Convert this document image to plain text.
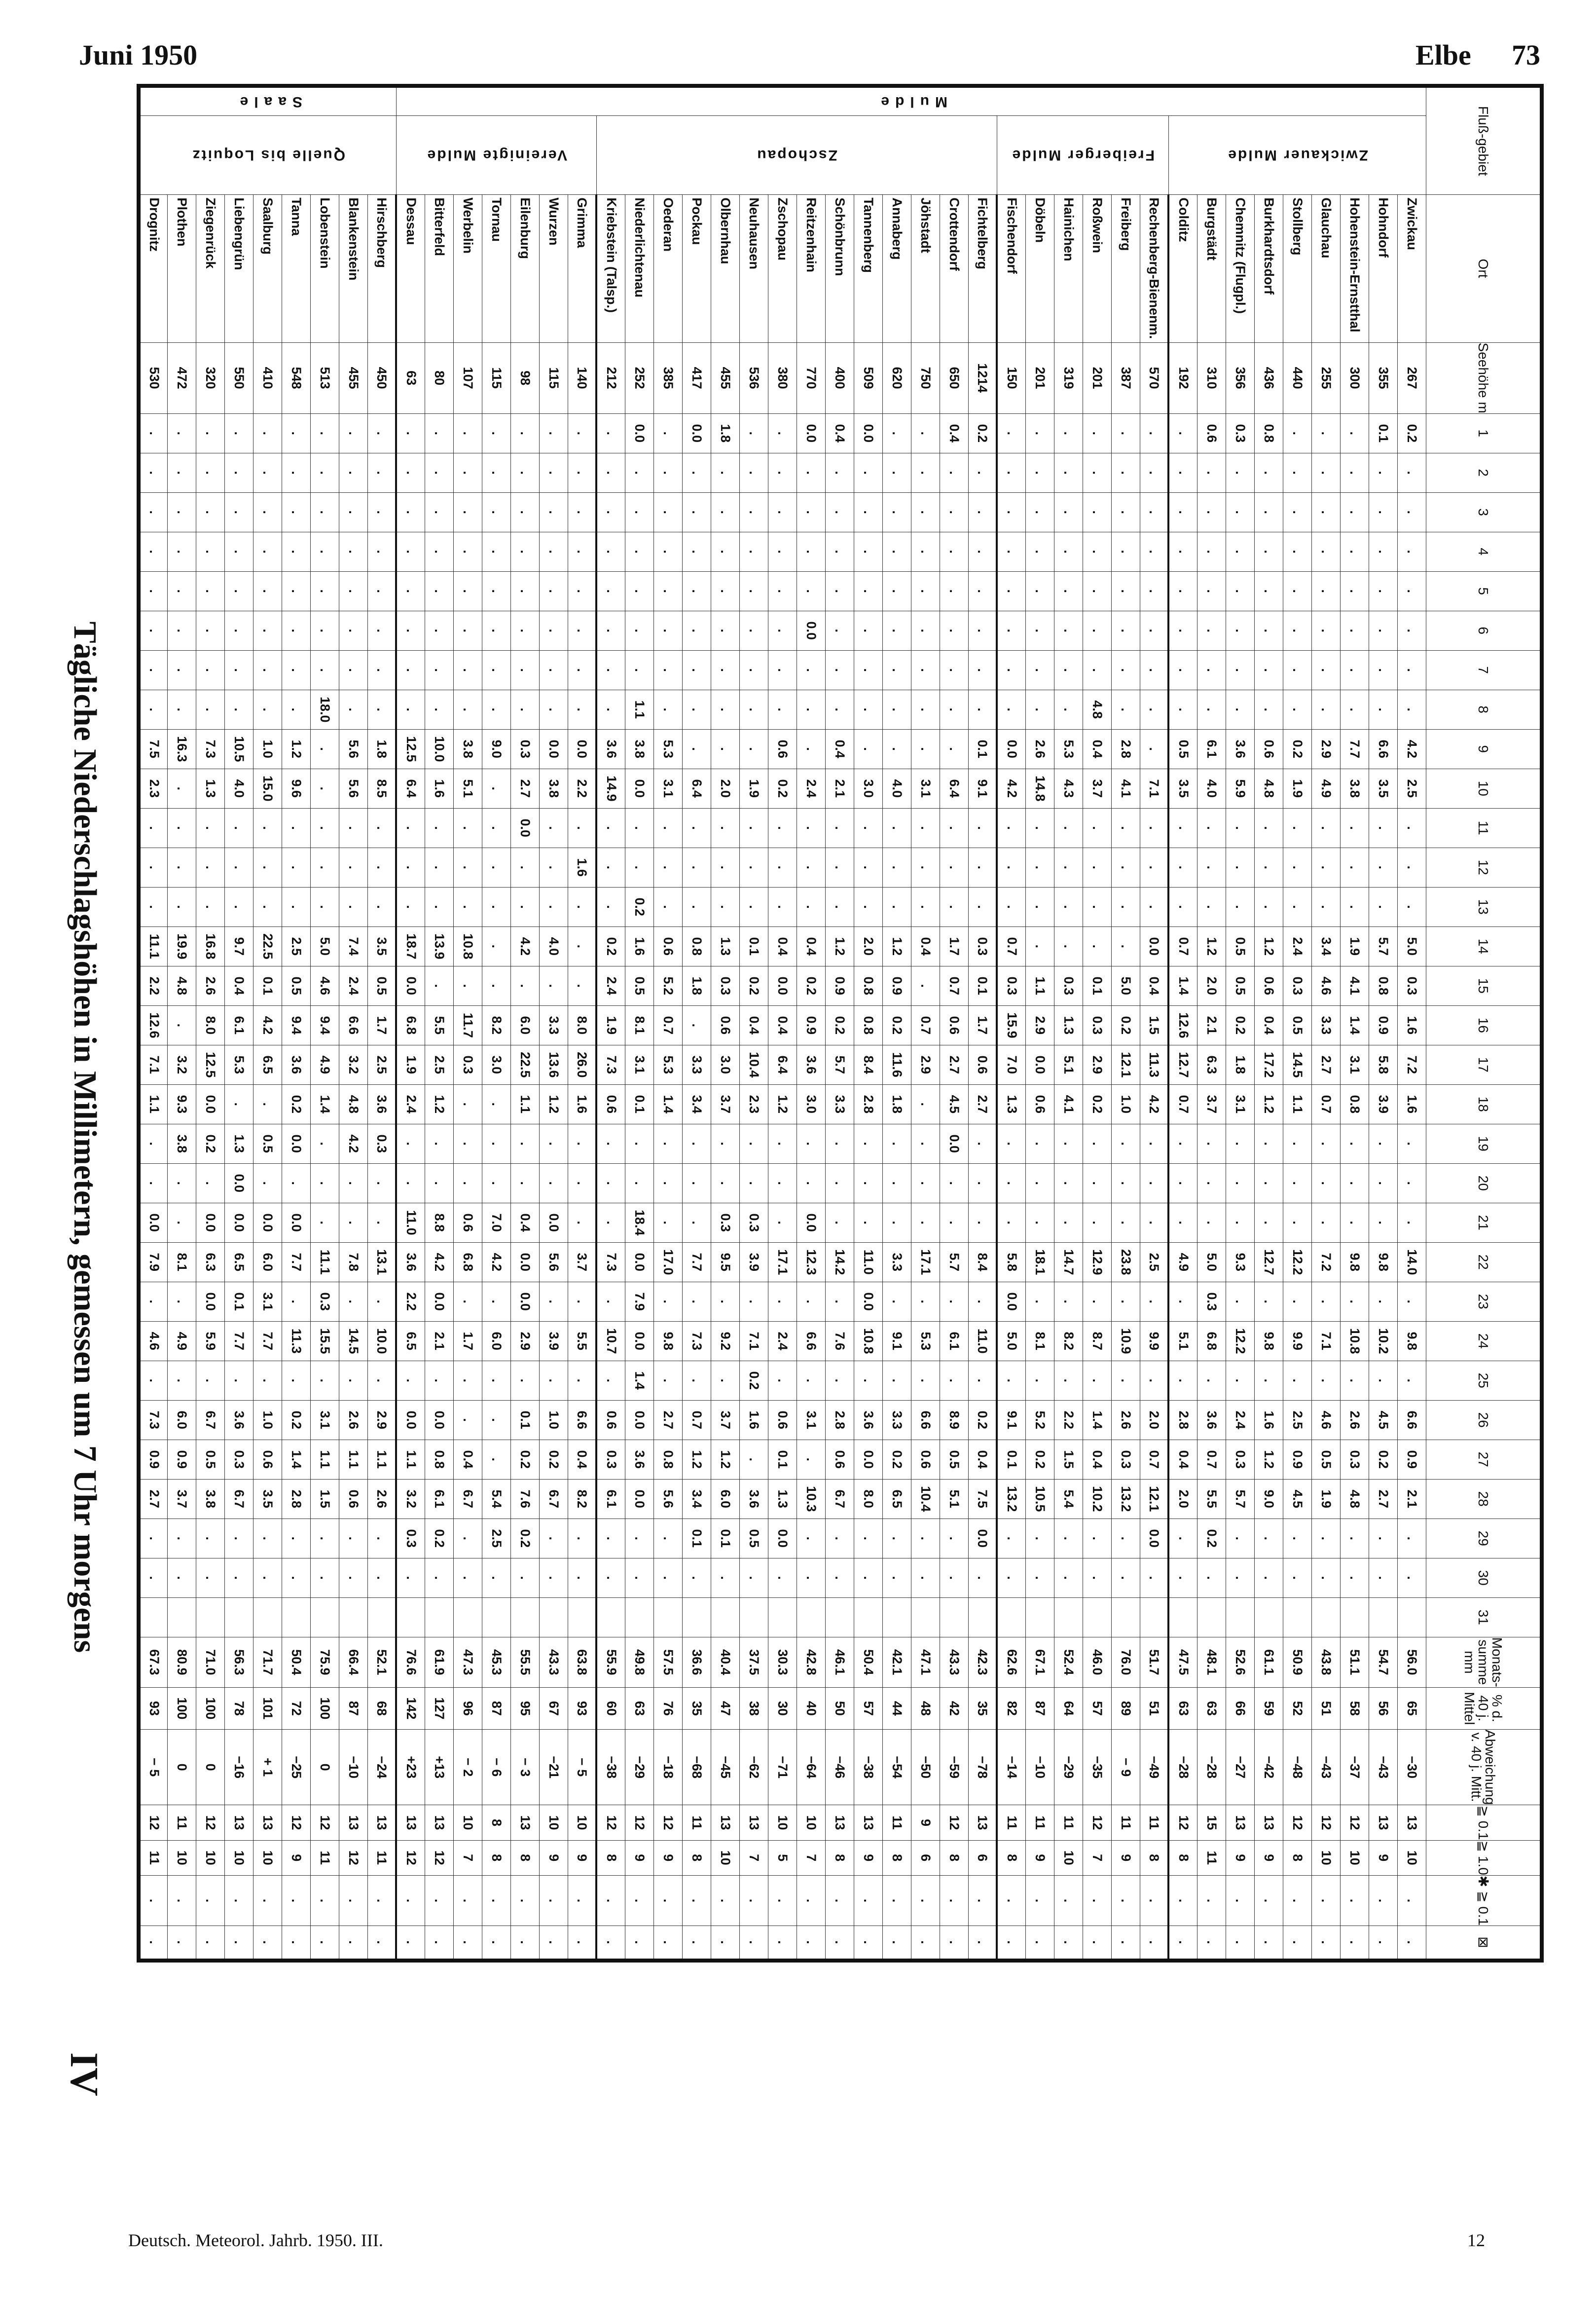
Juni 1950	Elbe 73
Fluß-gebiet		Ort	Seehöhe m	1	2	3	4	5	6	7	8	9	10	11	12	13	14	15	16	17	18	19	20	21	22	23	24	25	26	27	28	29	30	31	Monats-summe mm	% d. 40 j. Mittel	Abweichung v. 40 j. Mitt.	≧ 0.1	≧ 1.0	✱ ≧ 0.1	⊠
Mulde	Zwickauer Mulde	Zwickau	267	0.2	.	.	.	.	.	.	.	4.2	2.5	.	.	.	5.0	0.3	1.6	7.2	1.6	.	.	.	14.0	.	9.8	.	6.6	0.9	2.1	.	.		56.0	65	−30	13	10	.	.
		Hohndorf	355	0.1	.	.	.	.	.	.	.	6.6	3.5	.	.	.	5.7	0.8	0.9	5.8	3.9	.	.	.	9.8	.	10.2	.	4.5	0.2	2.7	.	.		54.7	56	−43	13	9	.	.
		Hohenstein-Ernstthal	300	.	.	.	.	.	.	.	.	7.7	3.8	.	.	.	1.9	4.1	1.4	3.1	0.8	.	.	.	9.8	.	10.8	.	2.6	0.3	4.8	.	.		51.1	58	−37	12	10	.	.
		Glauchau	255	.	.	.	.	.	.	.	.	2.9	4.9	.	.	.	3.4	4.6	3.3	2.7	0.7	.	.	.	7.2	.	7.1	.	4.6	0.5	1.9	.	.		43.8	51	−43	12	10	.	.
		Stollberg	440	.	.	.	.	.	.	.	.	0.2	1.9	.	.	.	2.4	0.3	0.5	14.5	1.1	.	.	.	12.2	.	9.9	.	2.5	0.9	4.5	.	.		50.9	52	−48	12	8	.	.
		Burkhardtsdorf	436	0.8	.	.	.	.	.	.	.	0.6	4.8	.	.	.	1.2	0.6	0.4	17.2	1.2	.	.	.	12.7	.	9.8	.	1.6	1.2	9.0	.	.		61.1	59	−42	13	9	.	.
		Chemnitz (Flugpl.)	356	0.3	.	.	.	.	.	.	.	3.6	5.9	.	.	.	0.5	0.5	0.2	1.8	3.1	.	.	.	9.3	.	12.2	.	2.4	0.3	5.7	.	.		52.6	66	−27	13	9	.	.
		Burgstädt	310	0.6	.	.	.	.	.	.	.	6.1	4.0	.	.	.	1.2	2.0	2.1	6.3	3.7	.	.	.	5.0	0.3	6.8	.	3.6	0.7	5.5	0.2	.		48.1	63	−28	15	11	.	.
		Colditz	192	.	.	.	.	.	.	.	.	0.5	3.5	.	.	.	0.7	1.4	12.6	12.7	0.7	.	.	.	4.9	.	5.1	.	2.8	0.4	2.0	.	.		47.5	63	−28	12	8	.	.
	Freiberger Mulde	Rechenberg-Bienenm.	570	.	.	.	.	.	.	.	.	.	7.1	.	.	.	0.0	0.4	1.5	11.3	4.2	.	.	.	2.5	.	9.9	.	2.0	0.7	12.1	0.0	.		51.7	51	−49	11	8	.	.
		Freiberg	387	.	.	.	.	.	.	.	.	2.8	4.1	.	.	.	.	5.0	0.2	12.1	1.0	.	.	.	23.8	.	10.9	.	2.6	0.3	13.2	.	.		76.0	89	− 9	11	9	.	.
		Roßwein	201	.	.	.	.	.	.	.	4.8	0.4	3.7	.	.	.	.	0.1	0.3	2.9	0.2	.	.	.	12.9	.	8.7	.	1.4	0.4	10.2	.	.		46.0	57	−35	12	7	.	.
		Hainichen	319	.	.	.	.	.	.	.	.	5.3	4.3	.	.	.	.	0.3	1.3	5.1	4.1	.	.	.	14.7	.	8.2	.	2.2	1.5	5.4	.	.		52.4	64	−29	11	10	.	.
		Döbeln	201	.	.	.	.	.	.	.	.	2.6	14.8	.	.	.	.	1.1	2.9	0.0	0.6	.	.	.	18.1	.	8.1	.	5.2	0.2	10.5	.	.		67.1	87	−10	11	9	.	.
		Fischendorf	150	.	.	.	.	.	.	.	.	0.0	4.2	.	.	.	0.7	0.3	15.9	7.0	1.3	.	.	.	5.8	0.0	5.0	.	9.1	0.1	13.2	.	.		62.6	82	−14	11	8	.	.
	Zschopau	Fichtelberg	1214	0.2	.	.	.	.	.	.	.	0.1	9.1	.	.	.	0.3	0.1	1.7	0.6	2.7	.	.	.	8.4	.	11.0	.	0.2	0.4	7.5	0.0	.		42.3	35	−78	13	6	.	.
		Crottendorf	650	0.4	.	.	.	.	.	.	.	.	6.4	.	.	.	1.7	0.7	0.6	2.7	4.5	0.0	.	.	5.7	.	6.1	.	8.9	0.5	5.1	.	.		43.3	42	−59	12	8	.	.
		Jöhstadt	750	.	.	.	.	.	.	.	.	.	3.1	.	.	.	0.4	.	0.7	2.9	.	.	.	.	17.1	.	5.3	.	6.6	0.6	10.4	.	.		47.1	48	−50	9	6	.	.
		Annaberg	620	.	.	.	.	.	.	.	.	.	4.0	.	.	.	1.2	0.9	0.2	11.6	1.8	.	.	.	3.3	.	9.1	.	3.3	0.2	6.5	.	.		42.1	44	−54	11	8	.	.
		Tannenberg	509	0.0	.	.	.	.	.	.	.	.	3.0	.	.	.	2.0	0.8	0.8	8.4	2.8	.	.	.	11.0	0.0	10.8	.	3.6	0.0	8.0	.	.		50.4	57	−38	13	9	.	.
		Schönbrunn	400	0.4	.	.	.	.	.	.	.	0.4	2.1	.	.	.	1.2	0.9	0.2	5.7	3.3	.	.	.	14.2	.	7.6	.	2.8	0.6	6.7	.	.		46.1	50	−46	13	8	.	.
		Reitzenhain	770	0.0	.	.	.	.	0.0	.	.	.	2.4	.	.	.	0.4	0.2	0.9	3.6	3.0	.	.	0.0	12.3	.	6.6	.	3.1	.	10.3	.	.		42.8	40	−64	10	7	.	.
		Zschopau	380	.	.	.	.	.	.	.	.	0.6	0.2	.	.	.	0.4	0.0	0.4	6.4	1.2	.	.	.	17.1	.	2.4	.	0.6	0.1	1.3	0.0	.		30.3	30	−71	10	5	.	.
		Neuhausen	536	.	.	.	.	.	.	.	.	.	1.9	.	.	.	0.1	0.2	0.4	10.4	2.3	.	.	0.3	3.9	.	7.1	0.2	1.6	.	3.6	0.5	.		37.5	38	−62	13	7	.	.
		Olbernhau	455	1.8	.	.	.	.	.	.	.	.	2.0	.	.	.	1.3	0.3	0.6	3.0	3.7	.	.	0.3	9.5	.	9.2	.	3.7	1.2	6.0	0.1	.		40.4	47	−45	13	10	.	.
		Pockau	417	0.0	.	.	.	.	.	.	.	.	6.4	.	.	.	0.8	1.8	.	3.3	3.4	.	.	.	7.7	.	7.3	.	0.7	1.2	3.4	0.1	.		36.6	35	−68	11	8	.	.
		Oederan	385	.	.	.	.	.	.	.	.	5.3	3.1	.	.	.	0.6	5.2	0.7	5.3	1.4	.	.	.	17.0	.	9.8	.	2.7	0.8	5.6	.	.		57.5	76	−18	12	9	.	.
		Niederlichtenau	252	0.0	.	.	.	.	.	.	1.1	3.8	0.0	.	.	0.2	1.6	0.5	8.1	3.1	0.1	.	.	18.4	0.0	7.9	0.0	1.4	0.0	3.6	0.0	.	.		49.8	63	−29	12	9	.	.
		Kriebstein (Talsp.)	212	.	.	.	.	.	.	.	.	3.6	14.9	.	.	.	0.2	2.4	1.9	7.3	0.6	.	.	.	7.3	.	10.7	.	0.6	0.3	6.1	.	.		55.9	60	−38	12	8	.	.
	Vereinigte Mulde	Grimma	140	.	.	.	.	.	.	.	.	0.0	2.2	.	1.6	.	.	.	8.0	26.0	1.6	.	.	.	3.7	.	5.5	.	6.6	0.4	8.2	.	.		63.8	93	− 5	10	9	.	.
		Wurzen	115	.	.	.	.	.	.	.	.	0.0	3.8	.	.	.	4.0	.	3.3	13.6	1.2	.	.	0.0	5.6	.	3.9	.	1.0	0.2	6.7	.	.		43.3	67	−21	10	9	.	.
		Eilenburg	98	.	.	.	.	.	.	.	.	0.3	2.7	0.0	.	.	4.2	.	6.0	22.5	1.1	.	.	0.4	0.0	0.0	2.9	.	0.1	0.2	7.6	0.2	.		55.5	95	− 3	13	8	.	.
		Tornau	115	.	.	.	.	.	.	.	.	9.0	.	.	.	.	.	.	8.2	3.0	.	.	.	7.0	4.2	.	6.0	.	.	.	5.4	2.5	.		45.3	87	− 6	8	8	.	.
		Werbelin	107	.	.	.	.	.	.	.	.	3.8	5.1	.	.	.	10.8	.	11.7	0.3	.	.	.	0.6	6.8	.	1.7	.	.	0.4	6.7	.	.		47.3	96	− 2	10	7	.	.
		Bitterfeld	80	.	.	.	.	.	.	.	.	10.0	1.6	.	.	.	13.9	.	5.5	2.5	1.2	.	.	8.8	4.2	0.0	2.1	.	0.0	0.8	6.1	0.2	.		61.9	127	+13	13	12	.	.
		Dessau	63	.	.	.	.	.	.	.	.	12.5	6.4	.	.	.	18.7	0.0	6.8	1.9	2.4	.	.	11.0	3.6	2.2	6.5	.	0.0	1.1	3.2	0.3	.		76.6	142	+23	13	12	.	.
Saale	Quelle bis Loquitz	Hirschberg	450	.	.	.	.	.	.	.	.	1.8	8.5	.	.	.	3.5	0.5	1.7	2.5	3.6	0.3	.	.	13.1	.	10.0	.	2.9	1.1	2.6	.	.		52.1	68	−24	13	11	.	.
		Blankenstein	455	.	.	.	.	.	.	.	.	5.6	5.6	.	.	.	7.4	2.4	6.6	3.2	4.8	4.2	.	.	7.8	.	14.5	.	2.6	1.1	0.6	.	.		66.4	87	−10	13	12	.	.
		Lobenstein	513	.	.	.	.	.	.	.	18.0	.	.	.	.	.	5.0	4.6	9.4	4.9	1.4	.	.	.	11.1	0.3	15.5	.	3.1	1.1	1.5	.	.		75.9	100	0	12	11	.	.
		Tanna	548	.	.	.	.	.	.	.	.	1.2	9.6	.	.	.	2.5	0.5	9.4	3.6	0.2	0.0	.	0.0	7.7	.	11.3	.	0.2	1.4	2.8	.	.		50.4	72	−25	12	9	.	.
		Saalburg	410	.	.	.	.	.	.	.	.	1.0	15.0	.	.	.	22.5	0.1	4.2	6.5	.	0.5	.	0.0	6.0	3.1	7.7	.	1.0	0.6	3.5	.	.		71.7	101	+ 1	13	10	.	.
		Liebengrün	550	.	.	.	.	.	.	.	.	10.5	4.0	.	.	.	9.7	0.4	6.1	5.3	.	1.3	0.0	0.0	6.5	0.1	7.7	.	3.6	0.3	6.7	.	.		56.3	78	−16	13	10	.	.
		Ziegenrück	320	.	.	.	.	.	.	.	.	7.3	1.3	.	.	.	16.8	2.6	8.0	12.5	0.0	0.2	.	0.0	6.3	0.0	5.9	.	6.7	0.5	3.8	.	.		71.0	100	0	12	10	.	.
		Plothen	472	.	.	.	.	.	.	.	.	16.3	.	.	.	.	19.9	4.8	.	3.2	9.3	3.8	.	.	8.1	.	4.9	.	6.0	0.9	3.7	.	.		80.9	100	0	11	10	.	.
		Drognitz	530	.	.	.	.	.	.	.	.	7.5	2.3	.	.	.	11.1	2.2	12.6	7.1	1.1	.	.	0.0	7.9	.	4.6	.	7.3	0.9	2.7	.	.		67.3	93	− 5	12	11	.	.
Tägliche Niederschlagshöhen in Millimetern, gemessen um 7 Uhr morgens
IV
Deutsch. Meteorol. Jahrb. 1950. III.	12
